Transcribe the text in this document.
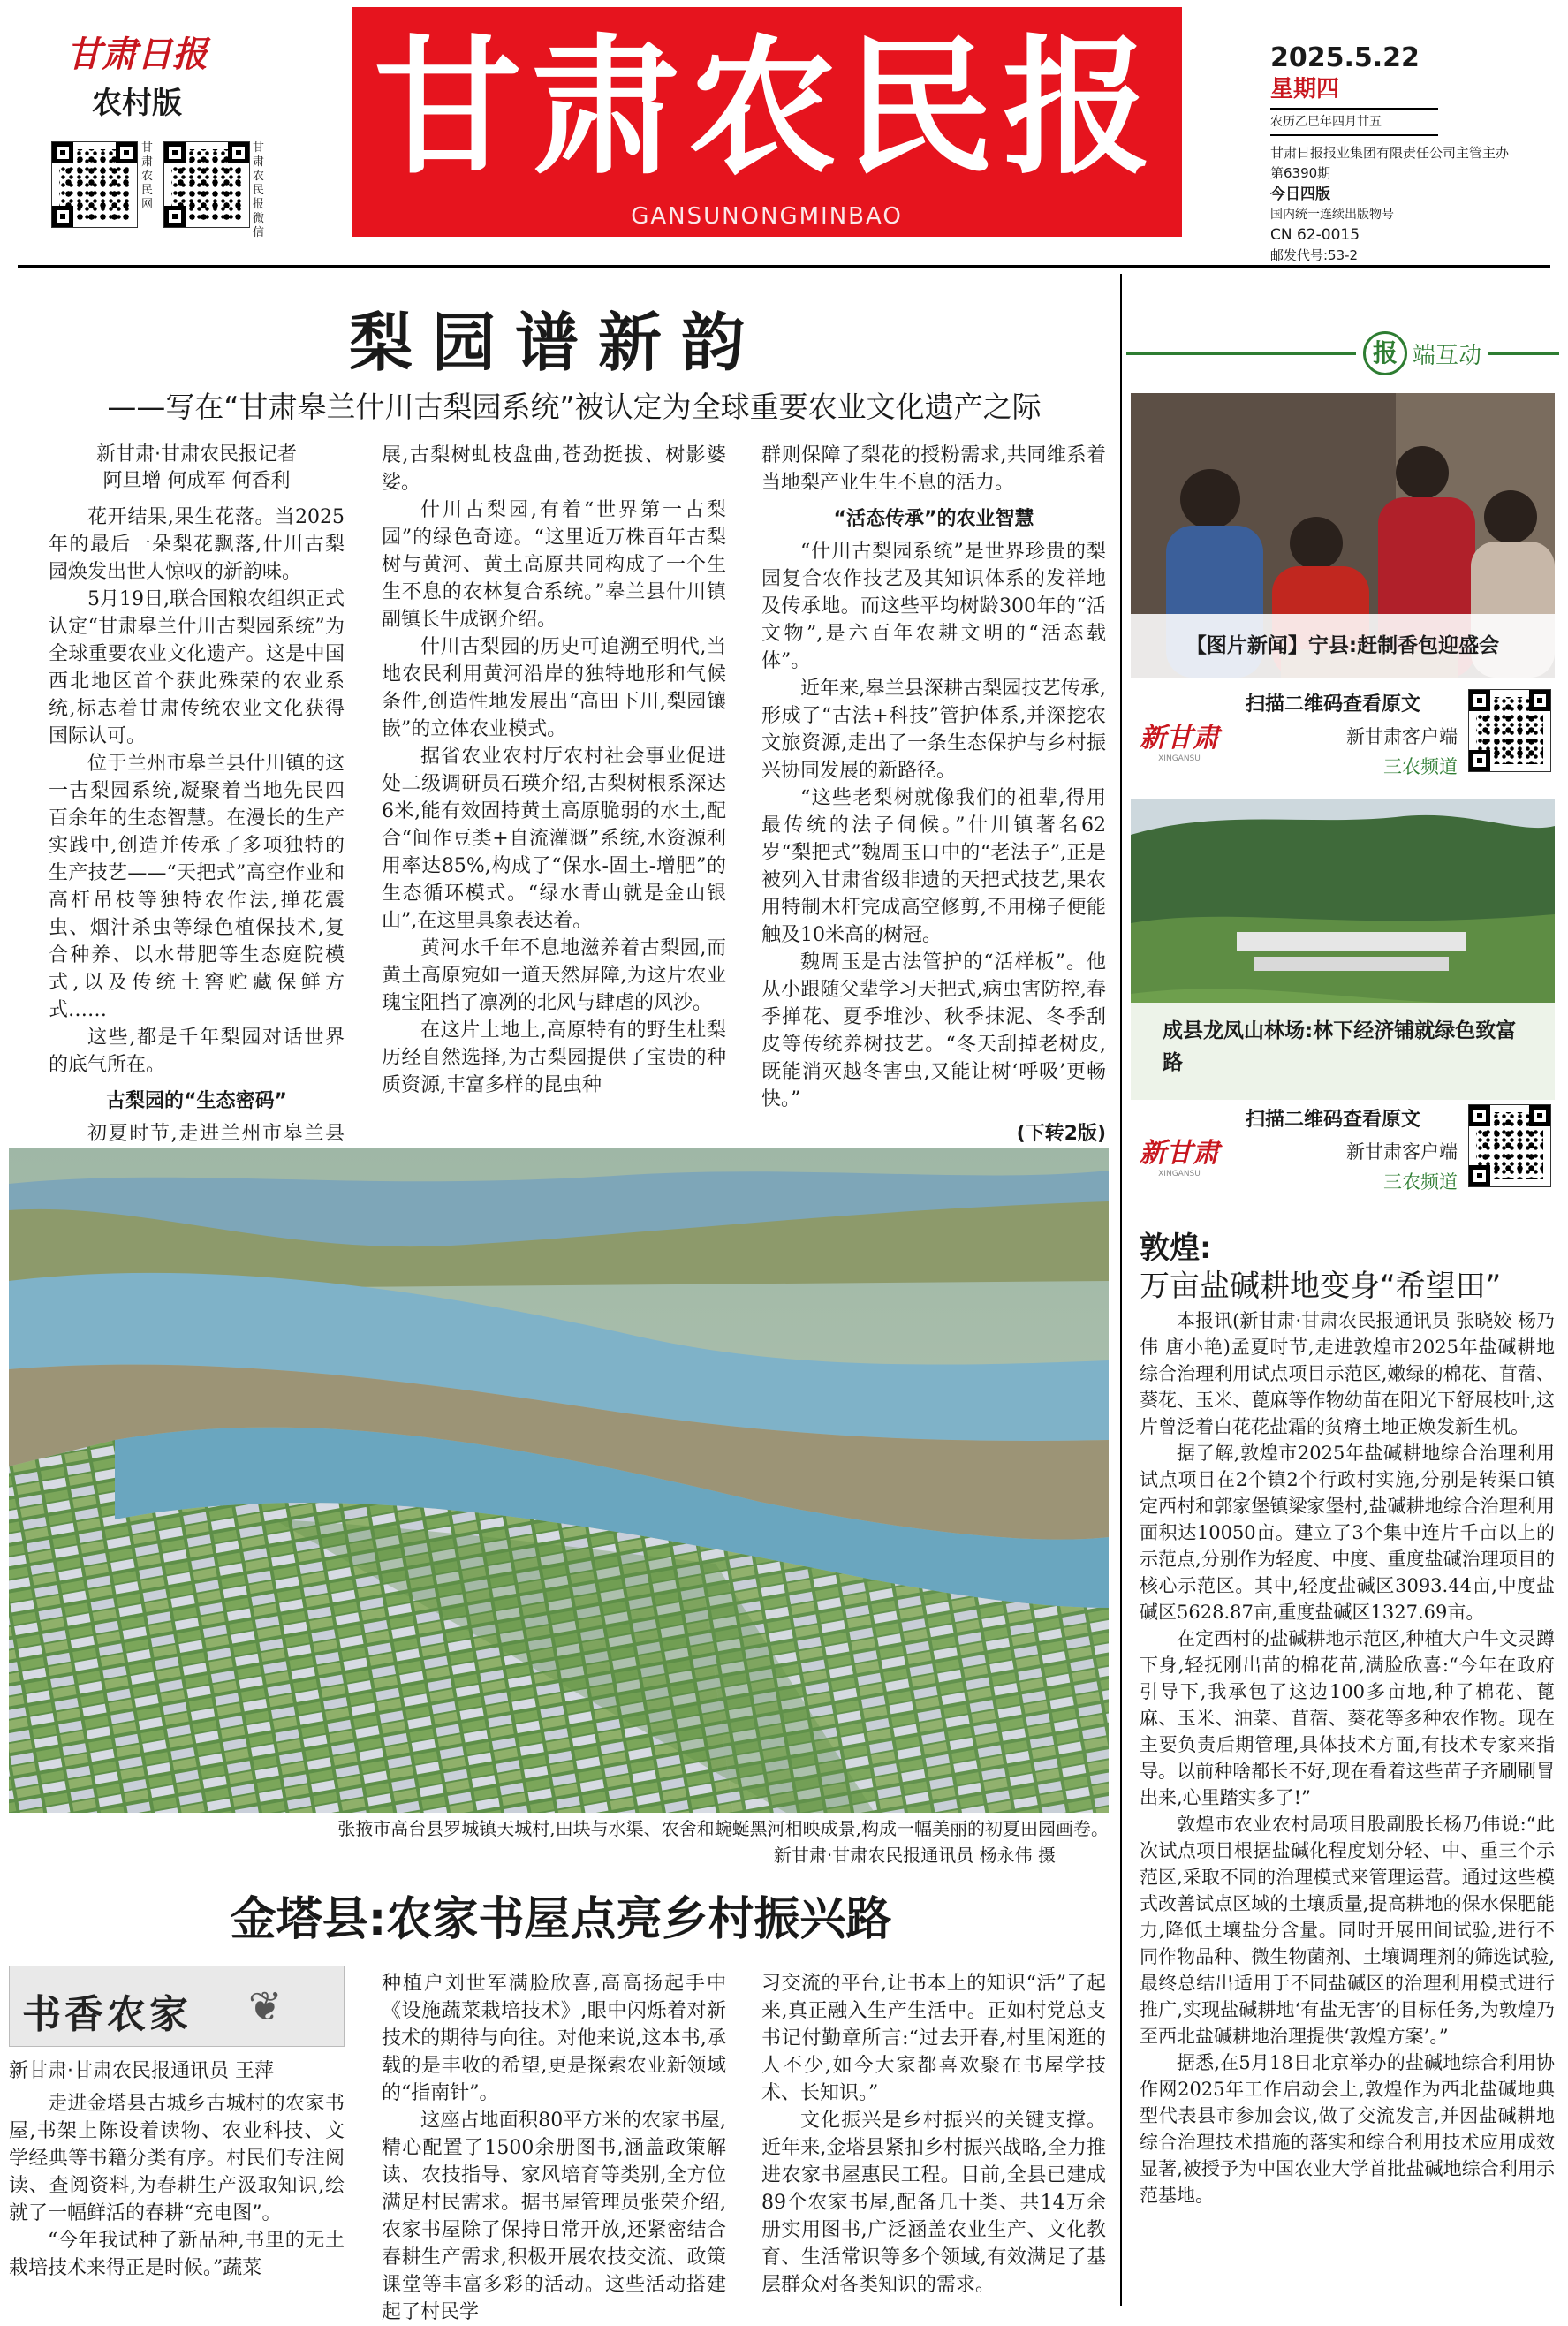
甘肃日报
农村版
甘肃农民网
甘肃农民报微信
甘肃农民报
GANSUNONGMINBAO
2025.5.22
星期四
农历乙巳年四月廿五
甘肃日报报业集团有限责任公司主管主办
第6390期
今日四版
国内统一连续出版物号
CN 62-0015
邮发代号:53-2
梨园谱新韵
——写在“甘肃皋兰什川古梨园系统”被认定为全球重要农业文化遗产之际
新甘肃·甘肃农民报记者
阿旦增 何成军 何香利

花开结果,果生花落。当2025年的最后一朵梨花飘落,什川古梨园焕发出世人惊叹的新韵味。

5月19日,联合国粮农组织正式认定“甘肃皋兰什川古梨园系统”为全球重要农业文化遗产。这是中国西北地区首个获此殊荣的农业系统,标志着甘肃传统农业文化获得国际认可。

位于兰州市皋兰县什川镇的这一古梨园系统,凝聚着当地先民四百余年的生态智慧。在漫长的生产实践中,创造并传承了多项独特的生产技艺——“天把式”高空作业和高杆吊枝等独特农作法,掸花震虫、烟汁杀虫等绿色植保技术,复合种养、以水带肥等生态庭院模式,以及传统土窖贮藏保鲜方式……

这些,都是千年梨园对话世界的底气所在。

古梨园的“生态密码”

初夏时节,走进兰州市皋兰县

展,古梨树虬枝盘曲,苍劲挺拔、树影婆娑。

什川古梨园,有着“世界第一古梨园”的绿色奇迹。“这里近万株百年古梨树与黄河、黄土高原共同构成了一个生生不息的农林复合系统。”皋兰县什川镇副镇长牛成钢介绍。

什川古梨园的历史可追溯至明代,当地农民利用黄河沿岸的独特地形和气候条件,创造性地发展出“高田下川,梨园镶嵌”的立体农业模式。

据省农业农村厅农村社会事业促进处二级调研员石瑛介绍,古梨树根系深达6米,能有效固持黄土高原脆弱的水土,配合“间作豆类+自流灌溉”系统,水资源利用率达85%,构成了“保水-固土-增肥”的生态循环模式。“绿水青山就是金山银山”,在这里具象表达着。

黄河水千年不息地滋养着古梨园,而黄土高原宛如一道天然屏障,为这片农业瑰宝阻挡了凛冽的北风与肆虐的风沙。

在这片土地上,高原特有的野生杜梨历经自然选择,为古梨园提供了宝贵的种质资源,丰富多样的昆虫种

群则保障了梨花的授粉需求,共同维系着当地梨产业生生不息的活力。

“活态传承”的农业智慧

“什川古梨园系统”是世界珍贵的梨园复合农作技艺及其知识体系的发祥地及传承地。而这些平均树龄300年的“活文物”,是六百年农耕文明的“活态载体”。

近年来,皋兰县深耕古梨园技艺传承,形成了“古法+科技”管护体系,并深挖农文旅资源,走出了一条生态保护与乡村振兴协同发展的新路径。

“这些老梨树就像我们的祖辈,得用最传统的法子伺候。”什川镇著名62岁“梨把式”魏周玉口中的“老法子”,正是被列入甘肃省级非遗的天把式技艺,果农用特制木杆完成高空修剪,不用梯子便能触及10米高的树冠。

魏周玉是古法管护的“活样板”。他从小跟随父辈学习天把式,病虫害防控,春季掸花、夏季堆沙、秋季抹泥、冬季刮皮等传统养树技艺。“冬天刮掉老树皮,既能消灭越冬害虫,又能让树‘呼吸’更畅快。”

(下转2版)
张掖市高台县罗城镇天城村,田块与水渠、农舍和蜿蜒黑河相映成景,构成一幅美丽的初夏田园画卷。
新甘肃·甘肃农民报通讯员 杨永伟 摄
金塔县:农家书屋点亮乡村振兴路
❦
书香农家
新甘肃·甘肃农民报通讯员 王萍

走进金塔县古城乡古城村的农家书屋,书架上陈设着读物、农业科技、文学经典等书籍分类有序。村民们专注阅读、查阅资料,为春耕生产汲取知识,绘就了一幅鲜活的春耕“充电图”。

“今年我试种了新品种,书里的无土栽培技术来得正是时候。”蔬菜

种植户刘世军满脸欣喜,高高扬起手中《设施蔬菜栽培技术》,眼中闪烁着对新技术的期待与向往。对他来说,这本书,承载的是丰收的希望,更是探索农业新领域的“指南针”。

这座占地面积80平方米的农家书屋,精心配置了1500余册图书,涵盖政策解读、农技指导、家风培育等类别,全方位满足村民需求。据书屋管理员张荣介绍,农家书屋除了保持日常开放,还紧密结合春耕生产需求,积极开展农技交流、政策课堂等丰富多彩的活动。这些活动搭建起了村民学

习交流的平台,让书本上的知识“活”了起来,真正融入生产生活中。正如村党总支书记付勤章所言:“过去开春,村里闲逛的人不少,如今大家都喜欢聚在书屋学技术、长知识。”

文化振兴是乡村振兴的关键支撑。近年来,金塔县紧扣乡村振兴战略,全力推进农家书屋惠民工程。目前,全县已建成89个农家书屋,配备几十类、共14万余册实用图书,广泛涵盖农业生产、文化教育、生活常识等多个领域,有效满足了基层群众对各类知识的需求。

报 端互动
【图片新闻】宁县:赶制香包迎盛会
新甘肃
XINGANSU
扫描二维码查看原文
新甘肃客户端
三农频道
成县龙凤山林场:林下经济铺就绿色致富路
新甘肃
XINGANSU
扫描二维码查看原文
新甘肃客户端
三农频道
敦煌:
万亩盐碱耕地变身“希望田”

本报讯(新甘肃·甘肃农民报通讯员 张晓姣 杨乃伟 唐小艳)孟夏时节,走进敦煌市2025年盐碱耕地综合治理利用试点项目示范区,嫩绿的棉花、苜蓿、葵花、玉米、蓖麻等作物幼苗在阳光下舒展枝叶,这片曾泛着白花花盐霜的贫瘠土地正焕发新生机。

据了解,敦煌市2025年盐碱耕地综合治理利用试点项目在2个镇2个行政村实施,分别是转渠口镇定西村和郭家堡镇梁家堡村,盐碱耕地综合治理利用面积达10050亩。建立了3个集中连片千亩以上的示范点,分别作为轻度、中度、重度盐碱治理项目的核心示范区。其中,轻度盐碱区3093.44亩,中度盐碱区5628.87亩,重度盐碱区1327.69亩。

在定西村的盐碱耕地示范区,种植大户牛文灵蹲下身,轻抚刚出苗的棉花苗,满脸欣喜:“今年在政府引导下,我承包了这边100多亩地,种了棉花、蓖麻、玉米、油菜、苜蓿、葵花等多种农作物。现在主要负责后期管理,具体技术方面,有技术专家来指导。以前种啥都长不好,现在看着这些苗子齐刷刷冒出来,心里踏实多了!”

敦煌市农业农村局项目股副股长杨乃伟说:“此次试点项目根据盐碱化程度划分轻、中、重三个示范区,采取不同的治理模式来管理运营。通过这些模式改善试点区域的土壤质量,提高耕地的保水保肥能力,降低土壤盐分含量。同时开展田间试验,进行不同作物品种、微生物菌剂、土壤调理剂的筛选试验,最终总结出适用于不同盐碱区的治理利用模式进行推广,实现盐碱耕地‘有盐无害’的目标任务,为敦煌乃至西北盐碱耕地治理提供‘敦煌方案’。”

据悉,在5月18日北京举办的盐碱地综合利用协作网2025年工作启动会上,敦煌作为西北盐碱地典型代表县市参加会议,做了交流发言,并因盐碱耕地综合治理技术措施的落实和综合利用技术应用成效显著,被授予为中国农业大学首批盐碱地综合利用示范基地。
